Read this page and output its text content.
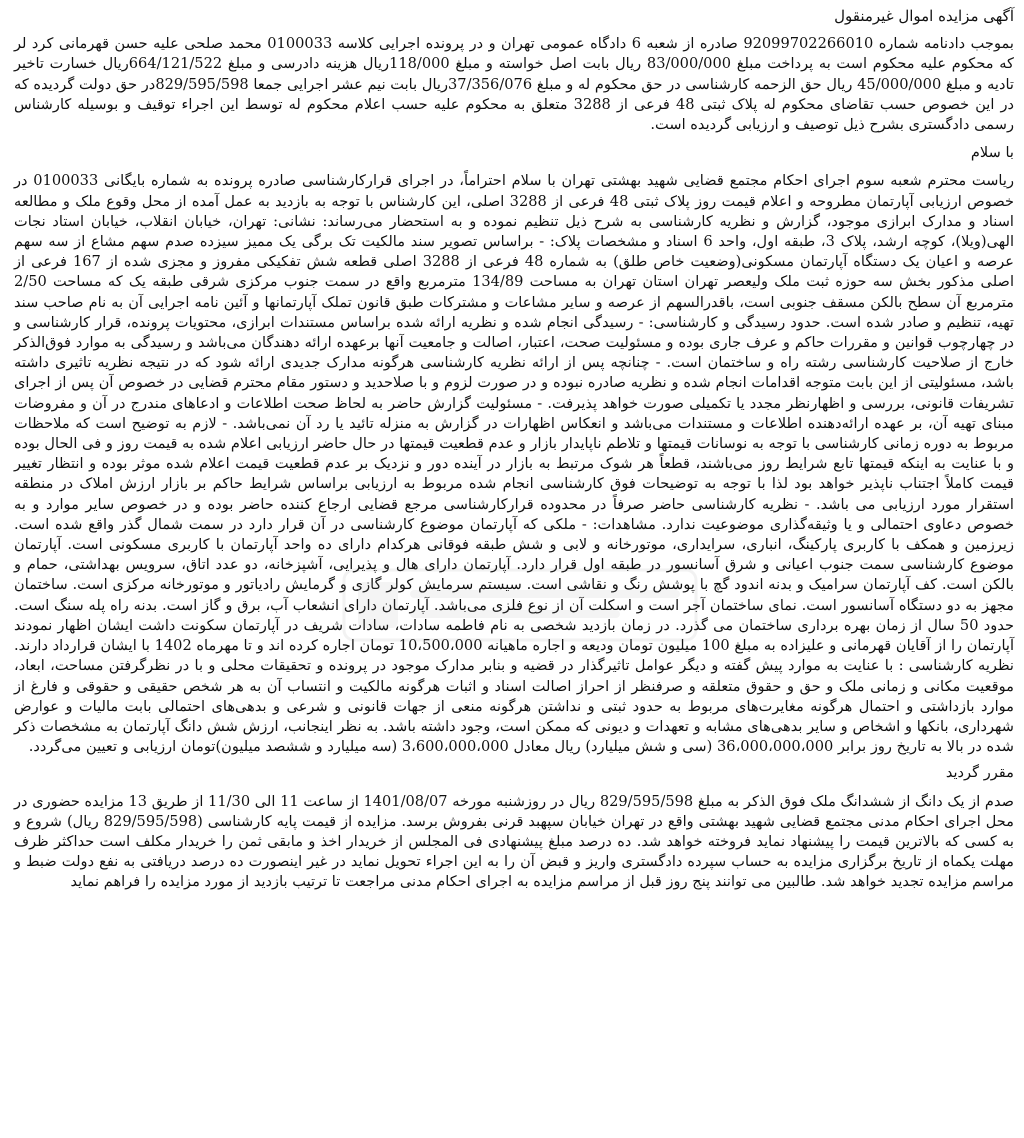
آگهی مزایده اموال غیرمنقول

بموجب دادنامه شماره 92099702266010 صادره از شعبه 6 دادگاه عمومی تهران و در پرونده اجرایی کلاسه 0100033 محمد صلحی علیه حسن قهرمانی کرد لر که محکوم علیه محکوم است به پرداخت مبلغ 83/000/000 ریال بابت اصل خواسته و مبلغ 118/000ریال هزینه دادرسی و مبلغ 664/121/522ریال خسارت تاخیر تادیه و مبلغ 45/000/000 ریال حق الزحمه کارشناسی در حق محکوم له و مبلغ 37/356/076ریال بابت نیم عشر اجرایی جمعا 829/595/598در حق دولت گردیده که در این خصوص حسب تقاضای محکوم له پلاک ثبتی 48 فرعی از 3288 متعلق به محکوم علیه حسب اعلام محکوم له توسط این اجراء توقیف و بوسیله کارشناس رسمی دادگستری بشرح ذیل توصیف و ارزیابی گردیده است.

با سلام

ریاست محترم شعبه سوم اجرای احکام مجتمع قضایی شهید بهشتی تهران با سلام احتراماً، در اجرای قرارکارشناسی صادره پرونده به شماره بایگانی 0100033 در خصوص ارزیابی آپارتمان مطروحه و اعلام قیمت روز پلاک ثبتی 48 فرعی از 3288 اصلی، این کارشناس با توجه به بازدید به عمل آمده از محل وقوع ملک و مطالعه اسناد و مدارک ابرازی موجود، گزارش و نظریه کارشناسی به شرح ذیل تنظیم نموده و به استحضار می‌رساند: نشانی: تهران، خیابان انقلاب، خیابان استاد نجات الهی(ویلا)، کوچه ارشد، پلاک 3، طبقه اول، واحد 6 اسناد و مشخصات پلاک: - براساس تصویر سند مالکیت تک برگی یک ممیز سیزده صدم سهم مشاع از سه سهم عرصه و اعیان یک دستگاه آپارتمان مسکونی(وضعیت خاص طلق) به شماره 48 فرعی از 3288 اصلی قطعه شش تفکیکی مفروز و مجزی شده از 167 فرعی از اصلی مذکور بخش سه حوزه ثبت ملک ولیعصر تهران استان تهران به مساحت 134/89 مترمربع واقع در سمت جنوب مرکزی شرقی طبقه یک که مساحت 2/50 مترمربع آن سطح بالکن مسقف جنوبی است، باقدرالسهم از عرصه و سایر مشاعات و مشترکات طبق قانون تملک آپارتمانها و آئین نامه اجرایی آن به نام صاحب سند تهیه، تنظیم و صادر شده است. حدود رسیدگی و کارشناسی: - رسیدگی انجام شده و نظریه ارائه شده براساس مستندات ابرازی، محتویات پرونده، قرار کارشناسی و در چهارچوب قوانین و مقررات حاکم و عرف جاری بوده و مسئولیت صحت، اعتبار، اصالت و جامعیت آنها برعهده ارائه دهندگان می‌باشد و رسیدگی به موارد فوق‌الذکر خارج از صلاحیت کارشناسی رشته راه و ساختمان است. - چنانچه پس از ارائه نظریه کارشناسی هرگونه مدارک جدیدی ارائه شود که در نتیجه نظریه تاثیری داشته باشد، مسئولیتی از این بابت متوجه اقدامات انجام شده و نظریه صادره نبوده و در صورت لزوم و با صلاحدید و دستور مقام محترم قضایی در خصوص آن پس از اجرای تشریفات قانونی، بررسی و اظهارنظر مجدد یا تکمیلی صورت خواهد پذیرفت. - مسئولیت گزارش حاضر به لحاظ صحت اطلاعات و ادعاهای مندرج در آن و مفروضات مبنای تهیه آن، بر عهده ارائه‌دهنده اطلاعات و مستندات می‌باشد و انعکاس اظهارات در گزارش به منزله تائید یا رد آن نمی‌باشد. - لازم به توضیح است که ملاحظات مربوط به دوره زمانی کارشناسی با توجه به نوسانات قیمتها و تلاطم ناپایدار بازار و عدم قطعیت قیمتها در حال حاضر ارزیابی اعلام شده به قیمت روز و فی الحال بوده و با عنایت به اینکه قیمتها تابع شرایط روز می‌باشند، قطعاً هر شوک مرتبط به بازار در آینده دور و نزدیک بر عدم قطعیت قیمت اعلام شده موثر بوده و انتظار تغییر قیمت کاملاً اجتناب ناپذیر خواهد بود لذا با توجه به توضیحات فوق کارشناسی انجام شده مربوط به ارزیابی براساس شرایط حاکم بر بازار ارزش املاک در منطقه استقرار مورد ارزیابی می باشد. - نظریه کارشناسی حاضر صرفاً در محدوده قرارکارشناسی مرجع قضایی ارجاع کننده حاضر بوده و در خصوص سایر موارد و به خصوص دعاوی احتمالی و یا وثیقه‌گذاری موضوعیت ندارد. مشاهدات: - ملکی که آپارتمان موضوع کارشناسی در آن قرار دارد در سمت شمال گذر واقع شده است. زیرزمین و همکف با کاربری پارکینگ، انباری، سرایداری، موتورخانه و لابی و شش طبقه فوقانی هرکدام دارای ده واحد آپارتمان با کاربری مسکونی است. آپارتمان موضوع کارشناسی سمت جنوب اعیانی و شرق آسانسور در طبقه اول قرار دارد. آپارتمان دارای هال و پذیرایی، آشپزخانه، دو عدد اتاق، سرویس بهداشتی، حمام و بالکن است. کف آپارتمان سرامیک و بدنه اندود گچ با پوشش رنگ و نقاشی است. سیستم سرمایش کولر گازی و گرمایش رادیاتور و موتورخانه مرکزی است. ساختمان مجهز به دو دستگاه آسانسور است. نمای ساختمان آجر است و اسکلت آن از نوع فلزی می‌باشد. آپارتمان دارای انشعاب آب، برق و گاز است. بدنه راه پله سنگ است. حدود 50 سال از زمان بهره برداری ساختمان می گذرد. در زمان بازدید شخصی به نام فاطمه سادات، سادات شریف در آپارتمان سکونت داشت ایشان اظهار نمودند آپارتمان را از آقایان قهرمانی و علیزاده به مبلغ 100 میلیون تومان ودیعه و اجاره ماهیانه 10،500،000 تومان اجاره کرده اند و تا مهرماه 1402 با ایشان قرارداد دارند. نظریه کارشناسی : با عنایت به موارد پیش گفته و دیگر عوامل تاثیرگذار در قضیه و بنابر مدارک موجود در پرونده و تحقیقات محلی و با در نظرگرفتن مساحت، ابعاد، موقعیت مکانی و زمانی ملک و حق و حقوق متعلقه و صرفنظر از احراز اصالت اسناد و اثبات هرگونه مالکیت و انتساب آن به هر شخص حقیقی و حقوقی و فارغ از موارد بازداشتی و احتمال هرگونه مغایرت‌های مربوط به حدود ثبتی و نداشتن هرگونه منعی از جهات قانونی و شرعی و بدهی‌های احتمالی بابت مالیات و عوارض شهرداری، بانکها و اشخاص و سایر بدهی‌های مشابه و تعهدات و دیونی که ممکن است، وجود داشته باشد. به نظر اینجانب، ارزش شش دانگ آپارتمان به مشخصات ذکر شده در بالا به تاریخ روز برابر 36،000،000،000 (سی و شش میلیارد) ریال معادل 3،600،000،000 (سه میلیارد و ششصد میلیون)تومان ارزیابی و تعیین می‌گردد.

مقرر گردید

صدم از یک دانگ از ششدانگ ملک فوق الذکر به مبلغ 829/595/598 ریال در روزشنبه مورخه 1401/08/07 از ساعت 11 الی 11/30 از طریق 13 مزایده حضوری در محل اجرای احکام مدنی مجتمع قضایی شهید بهشتی واقع در تهران خیابان سپهبد قرنی بفروش برسد. مزایده از قیمت پایه کارشناسی (829/595/598 ریال) شروع و به کسی که بالاترین قیمت را پیشنهاد نماید فروخته خواهد شد. ده درصد مبلغ پیشنهادی فی المجلس از خریدار اخذ و مابقی ثمن را خریدار مکلف است حداکثر ظرف مهلت یکماه از تاریخ برگزاری مزایده به حساب سپرده دادگستری واریز و قبض آن را به این اجراء تحویل نماید در غیر اینصورت ده درصد دریافتی به نفع دولت ضبط و مراسم مزایده تجدید خواهد شد. طالبین می توانند پنج روز قبل از مراسم مزایده به اجرای احکام مدنی مراجعت تا ترتیب بازدید از مورد مزایده را فراهم نماید
